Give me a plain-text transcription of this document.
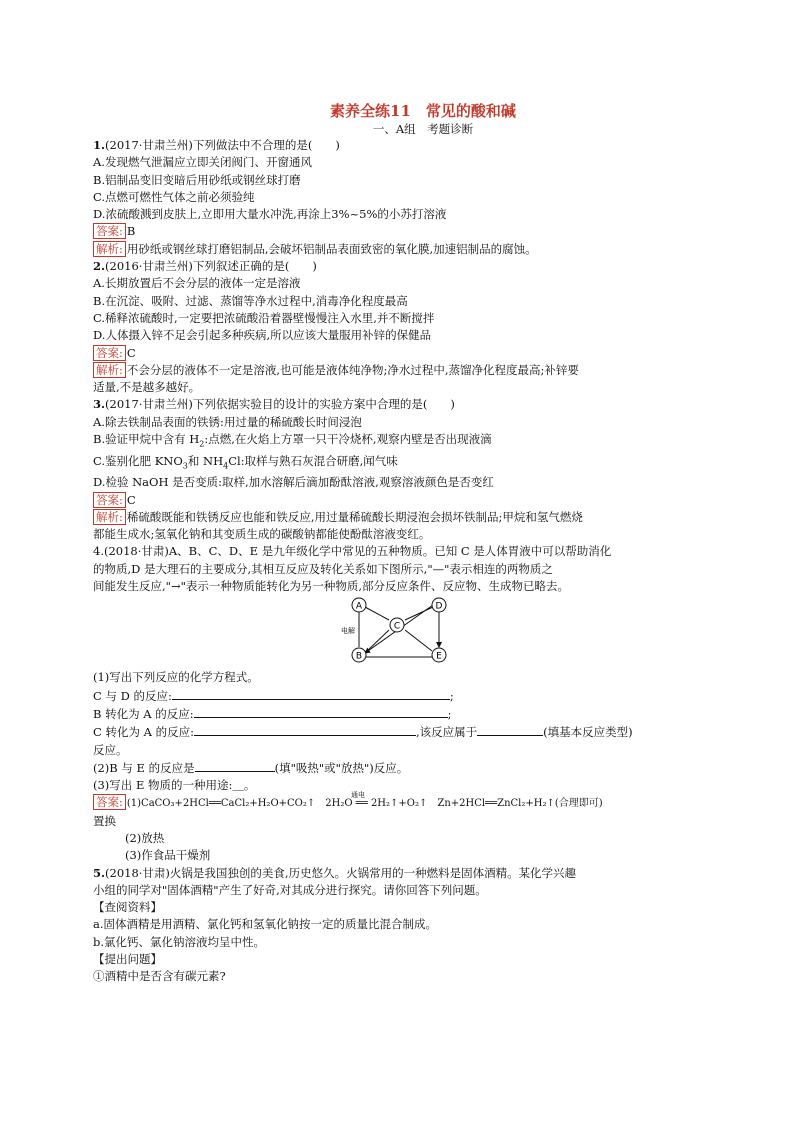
素养全练11　常见的酸和碱
一、A组　考题诊断
1.(2017·甘肃兰州)下列做法中不合理的是(　　)
A.发现燃气泄漏应立即关闭阀门、开窗通风
B.铝制品变旧变暗后用砂纸或钢丝球打磨
C.点燃可燃性气体之前必须验纯
D.浓硫酸溅到皮肤上,立即用大量水冲洗,再涂上3%~5%的小苏打溶液
答案: B
解析: 用砂纸或钢丝球打磨铝制品,会破坏铝制品表面致密的氧化膜,加速铝制品的腐蚀。
2.(2016·甘肃兰州)下列叙述正确的是(　　)
A.长期放置后不会分层的液体一定是溶液
B.在沉淀、吸附、过滤、蒸馏等净水过程中,消毒净化程度最高
C.稀释浓硫酸时,一定要把浓硫酸沿着器壁慢慢注入水里,并不断搅拌
D.人体摄入锌不足会引起多种疾病,所以应该大量服用补锌的保健品
答案: C
解析: 不会分层的液体不一定是溶液,也可能是液体纯净物;净水过程中,蒸馏净化程度最高;补锌要
适量,不是越多越好。
3.(2017·甘肃兰州)下列依据实验目的设计的实验方案中合理的是(　　)
A.除去铁制品表面的铁锈:用过量的稀硫酸长时间浸泡
B.验证甲烷中含有 $H_2$:点燃,在火焰上方罩一只干冷烧杯,观察内壁是否出现液滴
C.鉴别化肥 $KNO_3$和 $NH_4Cl$:取样与熟石灰混合研磨,闻气味
D.检验 NaOH 是否变质:取样,加水溶解后滴加酚酞溶液,观察溶液颜色是否变红
答案: C
解析: 稀硫酸既能和铁锈反应也能和铁反应,用过量稀硫酸长期浸泡会损坏铁制品;甲烷和氢气燃烧
都能生成水;氢氧化钠和其变质生成的碳酸钠都能使酚酞溶液变红。
4.(2018·甘肃)A、B、C、D、E 是九年级化学中常见的五种物质。已知 C 是人体胃液中可以帮助消化
的物质,D 是大理石的主要成分,其相互反应及转化关系如下图所示,"—"表示相连的两物质之
间能发生反应,"→"表示一种物质能转化为另一种物质,部分反应条件、反应物、生成物已略去。
A
B
C
D
E
电解
(1)写出下列反应的化学方程式。
C 与 D 的反应:	;
B 转化为 A 的反应:	;
C 转化为 A 的反应:	,该反应属于	(填基本反应类型)
反应。
(2)B 与 E 的反应是	(填"吸热"或"放热")反应。
(3)写出 E 物质的一种用途:＿。
答案: (1)CaCO₃+2HCl══CaCl₂+H₂O+CO₂↑　2H₂O ══ 2H₂↑+O₂↑　Zn+2HCl══ZnCl₂+H₂↑(合理即可)
通电
置换
(2)放热
(3)作食品干燥剂
5.(2018·甘肃)火锅是我国独创的美食,历史悠久。火锅常用的一种燃料是固体酒精。某化学兴趣
小组的同学对"固体酒精"产生了好奇,对其成分进行探究。请你回答下列问题。
【查阅资料】
a.固体酒精是用酒精、氯化钙和氢氧化钠按一定的质量比混合制成。
b.氯化钙、氯化钠溶液均呈中性。
【提出问题】
①酒精中是否含有碳元素?
